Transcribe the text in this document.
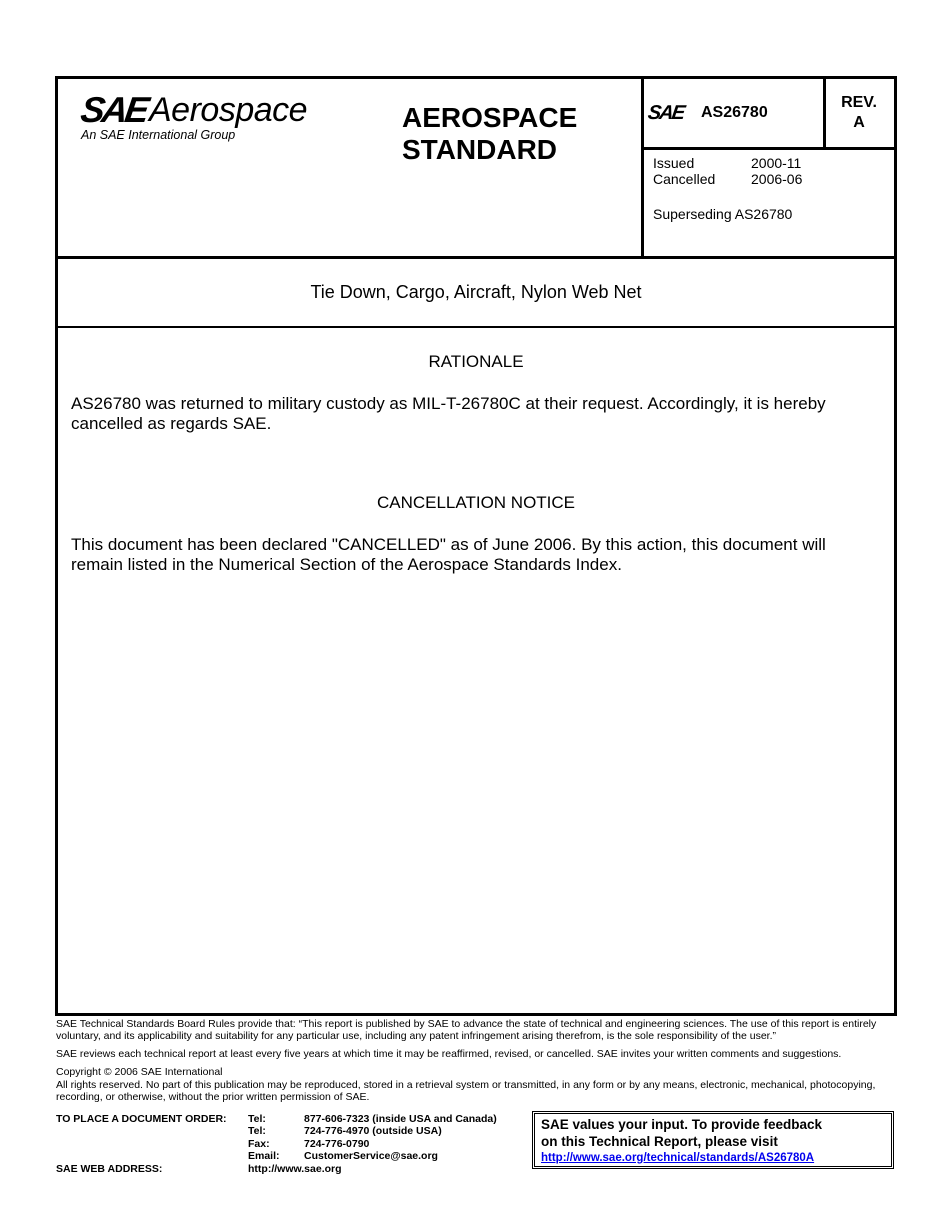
SAE Aerospace
An SAE International Group
AEROSPACE
STANDARD
SAE AS26780
REV.
A
Issued	2000-11
Cancelled	2006-06
Superseding AS26780
Tie Down, Cargo, Aircraft, Nylon Web Net
RATIONALE
AS26780 was returned to military custody as MIL-T-26780C at their request. Accordingly, it is hereby
cancelled as regards SAE.
CANCELLATION NOTICE
This document has been declared "CANCELLED" as of June 2006. By this action, this document will
remain listed in the Numerical Section of the Aerospace Standards Index.
SAE Technical Standards Board Rules provide that: “This report is published by SAE to advance the state of technical and engineering sciences. The use of this report is entirely
voluntary, and its applicability and suitability for any particular use, including any patent infringement arising therefrom, is the sole responsibility of the user.”
SAE reviews each technical report at least every five years at which time it may be reaffirmed, revised, or cancelled. SAE invites your written comments and suggestions.
Copyright © 2006 SAE International
All rights reserved. No part of this publication may be reproduced, stored in a retrieval system or transmitted, in any form or by any means, electronic, mechanical, photocopying,
recording, or otherwise, without the prior written permission of SAE.
TO PLACE A DOCUMENT ORDER: Tel:	877-606-7323 (inside USA and Canada)
Tel:	724-776-4970 (outside USA)
Fax:	724-776-0790
Email: CustomerService@sae.org
SAE WEB ADDRESS:	http://www.sae.org
SAE values your input. To provide feedback
on this Technical Report, please visit
http://www.sae.org/technical/standards/AS26780A
